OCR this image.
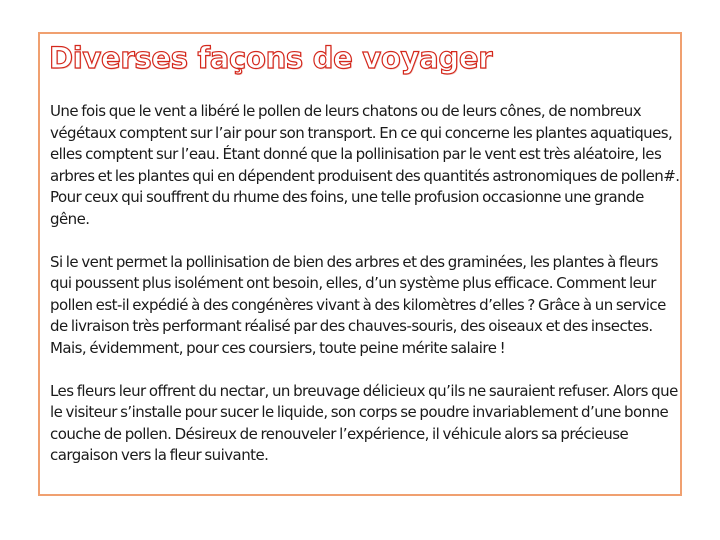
Diverses façons de voyager

Une fois que le vent a libéré le pollen de leurs chatons ou de leurs cônes, de nombreux végétaux comptent sur l’air pour son transport. En ce qui concerne les plantes aquatiques, elles comptent sur l’eau. Étant donné que la pollinisation par le vent est très aléatoire, les arbres et les plantes qui en dépendent produisent des quantités astronomiques de pollen#. Pour ceux qui souffrent du rhume des foins, une telle profusion occasionne une grande gêne.

Si le vent permet la pollinisation de bien des arbres et des graminées, les plantes à fleurs qui poussent plus isolément ont besoin, elles, d’un système plus efficace. Comment leur pollen est-il expédié à des congénères vivant à des kilomètres d’elles ? Grâce à un service de livraison très performant réalisé par des chauves-souris, des oiseaux et des insectes. Mais, évidemment, pour ces coursiers, toute peine mérite salaire !

Les fleurs leur offrent du nectar, un breuvage délicieux qu’ils ne sauraient refuser. Alors que le visiteur s’installe pour sucer le liquide, son corps se poudre invariablement d’une bonne couche de pollen. Désireux de renouveler l’expérience, il véhicule alors sa précieuse cargaison vers la fleur suivante.
